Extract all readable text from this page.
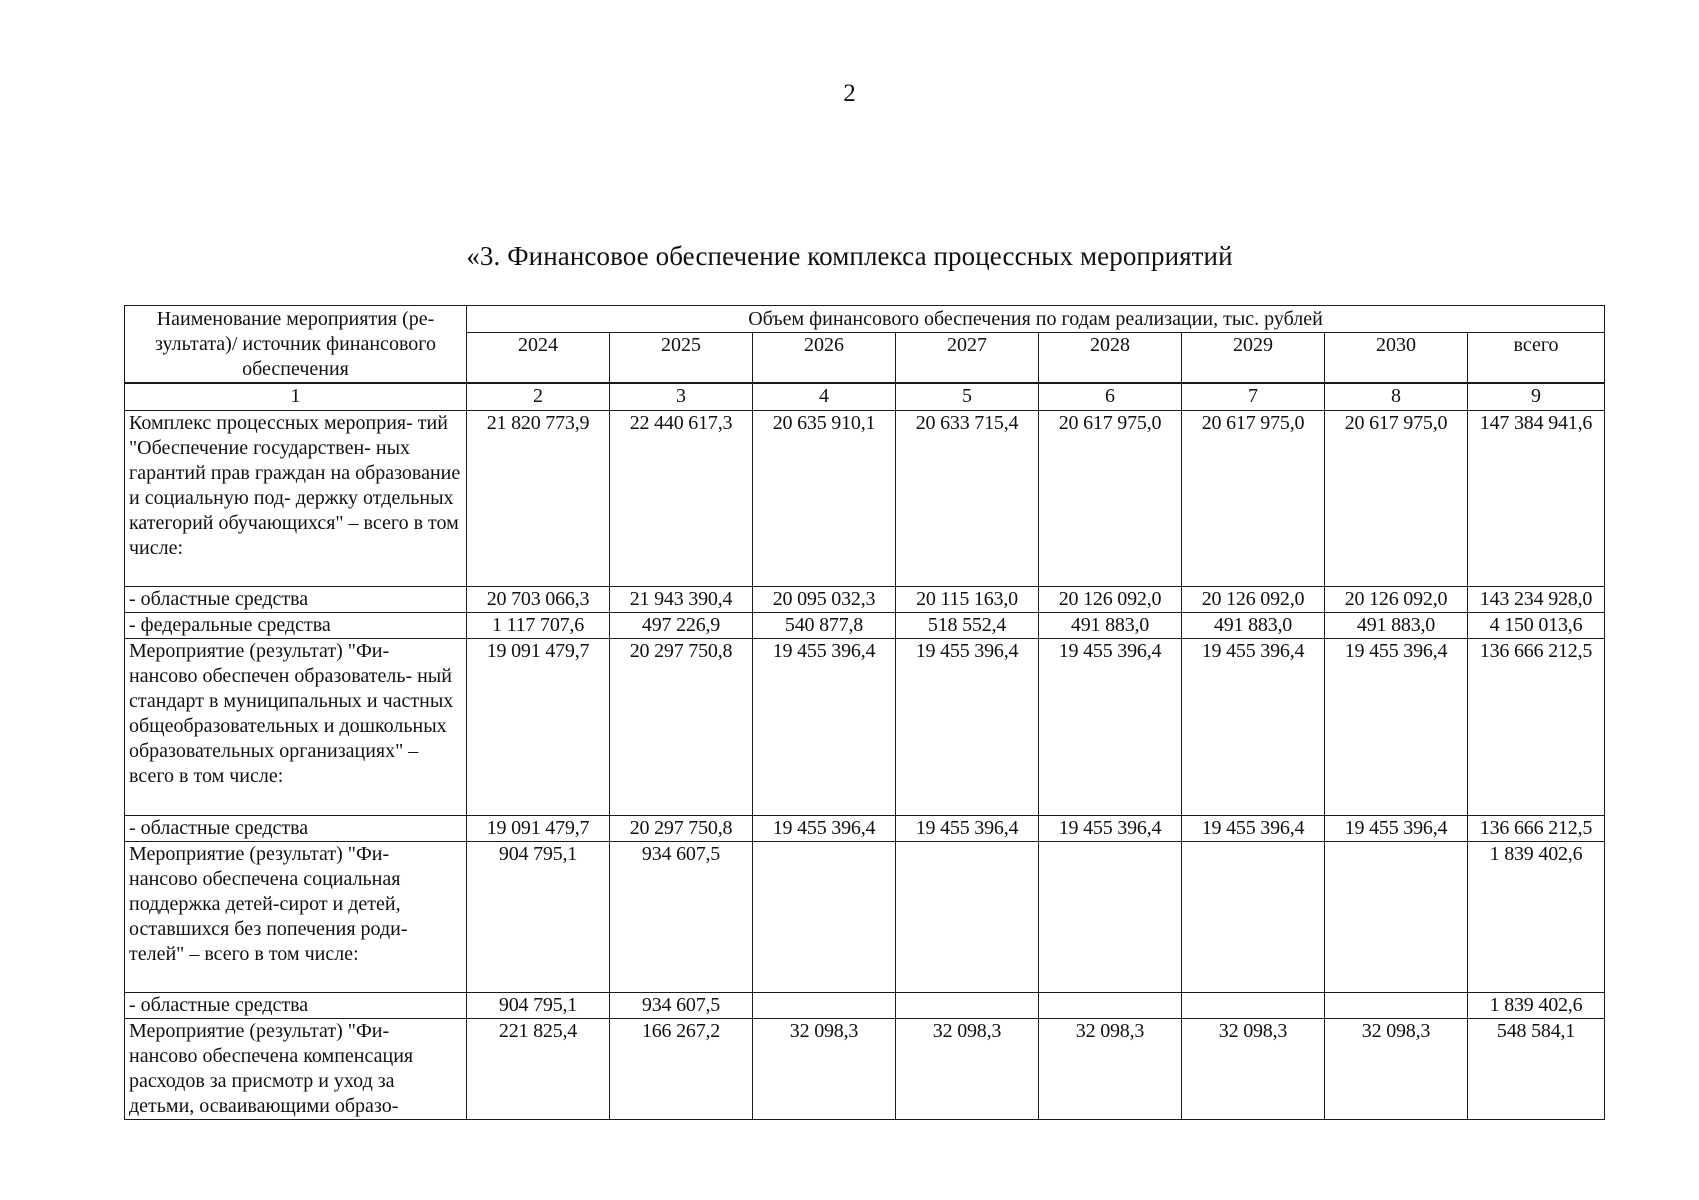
2
«3. Финансовое обеспечение комплекса процессных мероприятий
Наименование мероприятия (ре- зультата)/ источник финансового обеспечения	Объем финансового обеспечения по годам реализации, тыс. рублей							
	2024	2025	2026	2027	2028	2029	2030	всего
1	2	3	4	5	6	7	8	9
Комплекс процессных мероприя- тий "Обеспечение государствен- ных гарантий прав граждан на образование и социальную под- держку отдельных категорий обучающихся" – всего в том числе:	21 820 773,9	22 440 617,3	20 635 910,1	20 633 715,4	20 617 975,0	20 617 975,0	20 617 975,0	147 384 941,6
- областные средства	20 703 066,3	21 943 390,4	20 095 032,3	20 115 163,0	20 126 092,0	20 126 092,0	20 126 092,0	143 234 928,0
- федеральные средства	1 117 707,6	497 226,9	540 877,8	518 552,4	491 883,0	491 883,0	491 883,0	4 150 013,6
Мероприятие (результат) "Фи- нансово обеспечен образователь- ный стандарт в муниципальных и частных общеобразовательных и дошкольных образовательных организациях" – всего в том числе:	19 091 479,7	20 297 750,8	19 455 396,4	19 455 396,4	19 455 396,4	19 455 396,4	19 455 396,4	136 666 212,5
- областные средства	19 091 479,7	20 297 750,8	19 455 396,4	19 455 396,4	19 455 396,4	19 455 396,4	19 455 396,4	136 666 212,5
Мероприятие (результат) "Фи- нансово обеспечена социальная поддержка детей-сирот и детей, оставшихся без попечения роди- телей" – всего в том числе:	904 795,1	934 607,5						1 839 402,6
- областные средства	904 795,1	934 607,5						1 839 402,6
Мероприятие (результат) "Фи- нансово обеспечена компенсация расходов за присмотр и уход за детьми, осваивающими образо-	221 825,4	166 267,2	32 098,3	32 098,3	32 098,3	32 098,3	32 098,3	548 584,1
